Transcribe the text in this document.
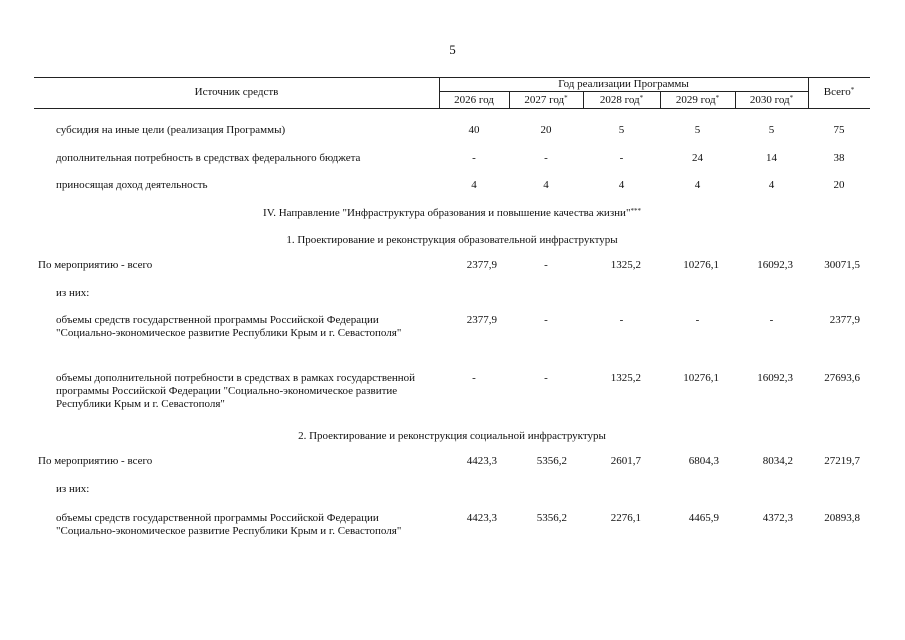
5
Источник средств
Год реализации Программы
Всего*
2026 год	2027 год*	2028 год*	2029 год*	2030 год*
субсидия на иные цели (реализация Программы)	40	20	5	5	5	75
дополнительная потребность в средствах федерального бюджета	-	-	-	24	14	38
приносящая доход деятельность	4	4	4	4	4	20
IV. Направление "Инфраструктура образования и повышение качества жизни"***
1. Проектирование и реконструкция образовательной инфраструктуры
По мероприятию - всего	2377,9	-	1325,2	10276,1	16092,3	30071,5
из них:
объемы средств государственной программы Российской Федерации "Социально-экономическое развитие Республики Крым и г. Севастополя"
2377,9	-	-	-	-	2377,9
объемы дополнительной потребности в средствах в рамках государственной программы Российской Федерации "Социально-экономическое развитие Республики Крым и г. Севастополя"
-	-	1325,2	10276,1	16092,3	27693,6
2. Проектирование и реконструкция социальной инфраструктуры
По мероприятию - всего	4423,3	5356,2	2601,7	6804,3	8034,2	27219,7
из них:
объемы средств государственной программы Российской Федерации "Социально-экономическое развитие Республики Крым и г. Севастополя"
4423,3	5356,2	2276,1	4465,9	4372,3	20893,8
